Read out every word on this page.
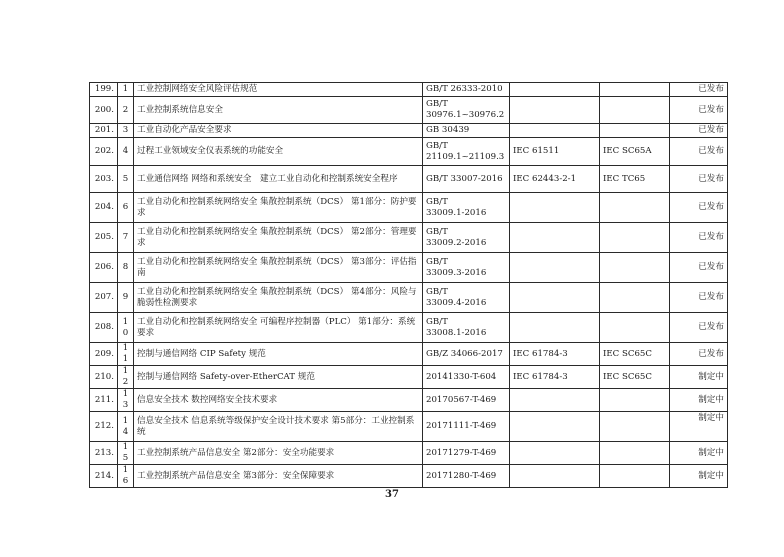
199.	1	工业控制网络安全风险评估规范	GB/T 26333-2010			已发布
200.	2	工业控制系统信息安全	GB/T
30976.1~30976.2			已发布
201.	3	工业自动化产品安全要求	GB 30439			已发布
202.	4	过程工业领域安全仪表系统的功能安全	GB/T
21109.1~21109.3	IEC 61511	IEC SC65A	已发布
203.	5	工业通信网络 网络和系统安全　建立工业自动化和控制系统安全程序	GB/T 33007-2016	IEC 62443-2-1	IEC TC65	已发布
204.	6	工业自动化和控制系统网络安全 集散控制系统（DCS） 第1部分：防护要求	GB/T
33009.1-2016			已发布
205.	7	工业自动化和控制系统网络安全 集散控制系统（DCS） 第2部分：管理要求	GB/T
33009.2-2016			已发布
206.	8	工业自动化和控制系统网络安全 集散控制系统（DCS） 第3部分：评估指南	GB/T
33009.3-2016			已发布
207.	9	工业自动化和控制系统网络安全 集散控制系统（DCS） 第4部分：风险与脆弱性检测要求	GB/T
33009.4-2016			已发布
208.	10	工业自动化和控制系统网络安全 可编程序控制器（PLC） 第1部分：系统要求	GB/T
33008.1-2016			已发布
209.	11	控制与通信网络 CIP Safety 规范	GB/Z 34066-2017	IEC 61784-3	IEC SC65C	已发布
210.	12	控制与通信网络 Safety-over-EtherCAT 规范	20141330-T-604	IEC 61784-3	IEC SC65C	制定中
211.	13	信息安全技术 数控网络安全技术要求	20170567-T-469			制定中
212.	14	信息安全技术 信息系统等级保护安全设计技术要求 第5部分：工业控制系统	20171111-T-469			制定中
213.	15	工业控制系统产品信息安全 第2部分：安全功能要求	20171279-T-469			制定中
214.	16	工业控制系统产品信息安全 第3部分：安全保障要求	20171280-T-469			制定中
37
